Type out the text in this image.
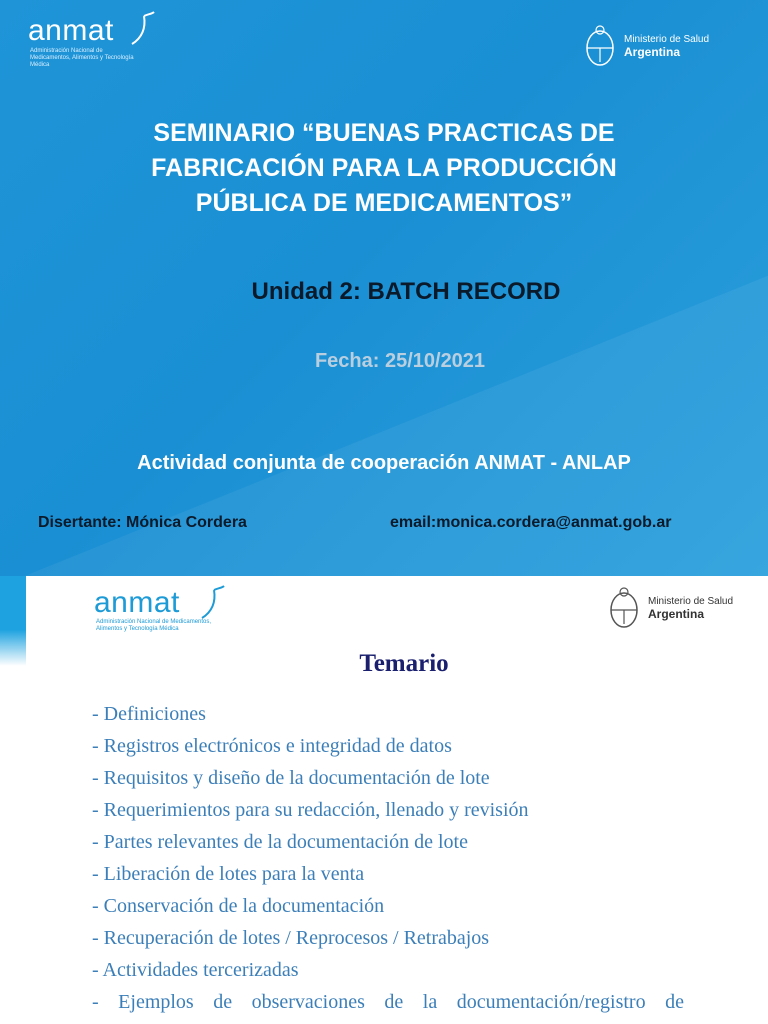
anmat
Administración Nacional de Medicamentos, Alimentos y Tecnología Médica
Ministerio de Salud
Argentina
SEMINARIO “BUENAS PRACTICAS DE
FABRICACIÓN PARA LA PRODUCCIÓN
PÚBLICA DE MEDICAMENTOS”
Unidad 2: BATCH RECORD
Fecha: 25/10/2021
Actividad conjunta de cooperación ANMAT - ANLAP
Disertante: Mónica Cordera	email:monica.cordera@anmat.gob.ar
anmat
Administración Nacional de Medicamentos, Alimentos y Tecnología Médica
Ministerio de Salud
Argentina
Temario
- Definiciones
- Registros electrónicos e integridad de datos
- Requisitos y diseño de la documentación de lote
- Requerimientos para su redacción, llenado y revisión
- Partes relevantes de la documentación de lote
- Liberación de lotes para la venta
- Conservación de la documentación
- Recuperación de lotes / Reprocesos / Retrabajos
- Actividades tercerizadas
- Ejemplos de observaciones de la documentación/registro de
